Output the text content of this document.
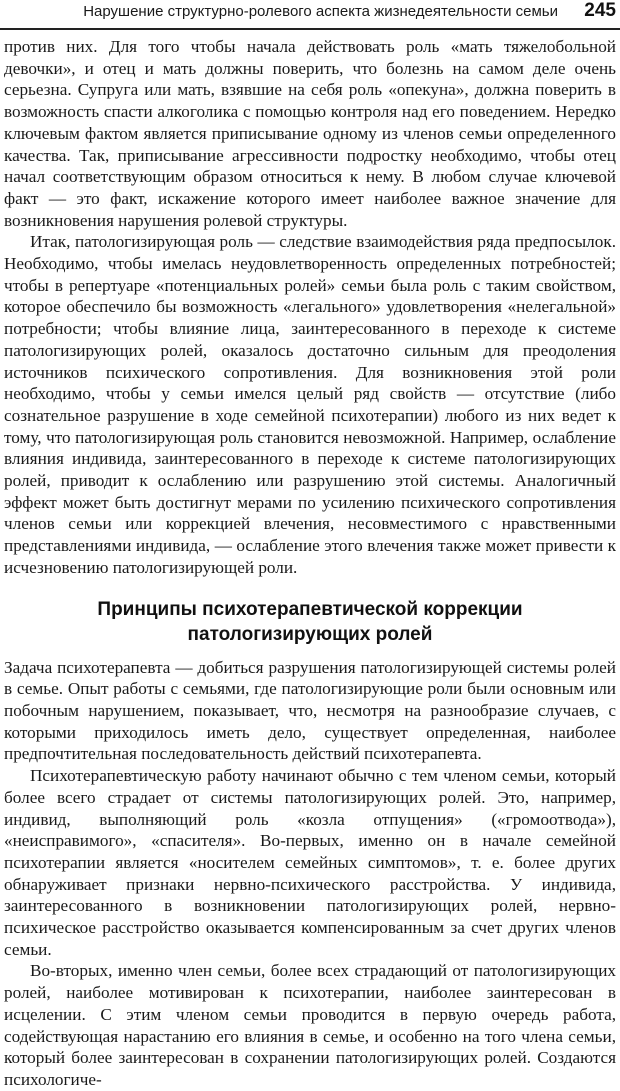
Нарушение структурно-ролевого аспекта жизнедеятельности семьи 245

против них. Для того чтобы начала действовать роль «мать тяжелобольной девочки», и отец и мать должны поверить, что болезнь на самом деле очень серьезна. Супруга или мать, взявшие на себя роль «опекуна», должна поверить в возможность спасти алкоголика с помощью контроля над его поведением. Нередко ключевым фактом является приписывание одному из членов семьи определенного качества. Так, приписывание агрессивности подростку необходимо, чтобы отец начал соответствующим образом относиться к нему. В любом случае ключевой факт — это факт, искажение которого имеет наиболее важное значение для возникновения нарушения ролевой структуры.

Итак, патологизирующая роль — следствие взаимодействия ряда предпосылок. Необходимо, чтобы имелась неудовлетворенность определенных потребностей; чтобы в репертуаре «потенциальных ролей» семьи была роль с таким свойством, которое обеспечило бы возможность «легального» удовлетворения «нелегальной» потребности; чтобы влияние лица, заинтересованного в переходе к системе патологизирующих ролей, оказалось достаточно сильным для преодоления источников психического сопротивления. Для возникновения этой роли необходимо, чтобы у семьи имелся целый ряд свойств — отсутствие (либо сознательное разрушение в ходе семейной психотерапии) любого из них ведет к тому, что патологизирующая роль становится невозможной. Например, ослабление влияния индивида, заинтересованного в переходе к системе патологизирующих ролей, приводит к ослаблению или разрушению этой системы. Аналогичный эффект может быть достигнут мерами по усилению психического сопротивления членов семьи или коррекцией влечения, несовместимого с нравственными представлениями индивида, — ослабление этого влечения также может привести к исчезновению патологизирующей роли.

Принципы психотерапевтической коррекции
патологизирующих ролей

Задача психотерапевта — добиться разрушения патологизирующей системы ролей в семье. Опыт работы с семьями, где патологизирующие роли были основным или побочным нарушением, показывает, что, несмотря на разнообразие случаев, с которыми приходилось иметь дело, существует определенная, наиболее предпочтительная последовательность действий психотерапевта.

Психотерапевтическую работу начинают обычно с тем членом семьи, который более всего страдает от системы патологизирующих ролей. Это, например, индивид, выполняющий роль «козла отпущения» («громоотвода»), «неисправимого», «спасителя». Во-первых, именно он в начале семейной психотерапии является «носителем семейных симптомов», т. е. более других обнаруживает признаки нервно-психического расстройства. У индивида, заинтересованного в возникновении патологизирующих ролей, нервно-психическое расстройство оказывается компенсированным за счет других членов семьи.

Во-вторых, именно член семьи, более всех страдающий от патологизирующих ролей, наиболее мотивирован к психотерапии, наиболее заинтересован в исцелении. С этим членом семьи проводится в первую очередь работа, содействующая нарастанию его влияния в семье, и особенно на того члена семьи, который более заинтересован в сохранении патологизирующих ролей. Создаются психологиче-
